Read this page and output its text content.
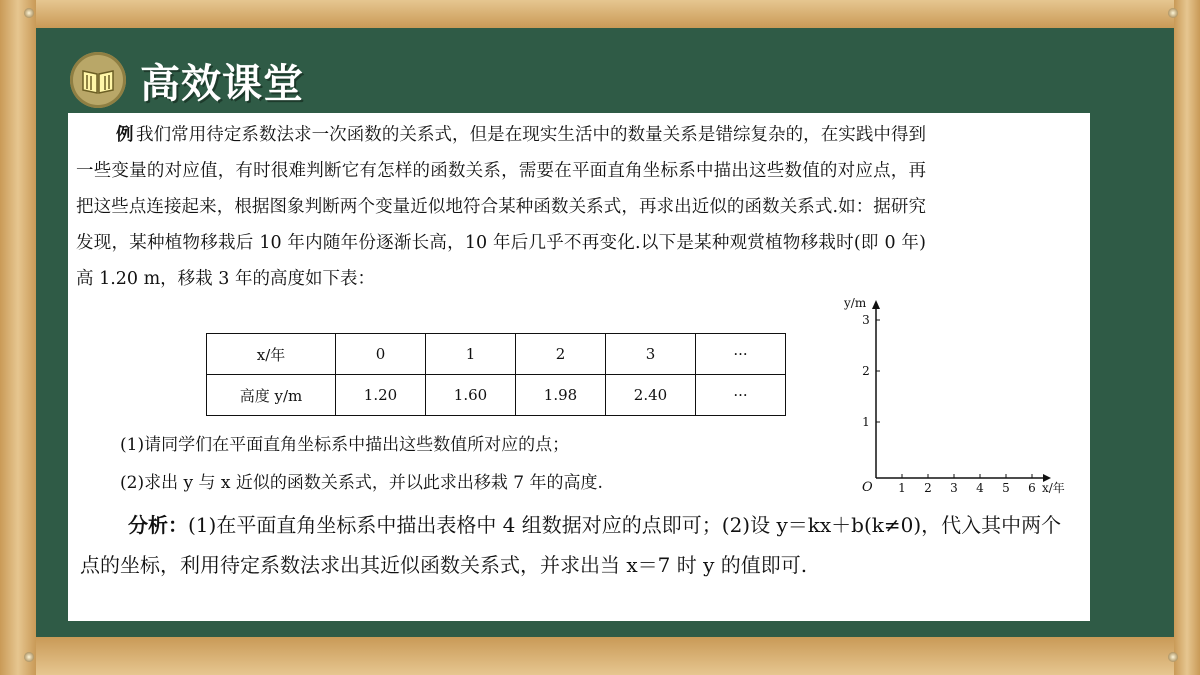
高效课堂
例 我们常用待定系数法求一次函数的关系式，但是在现实生活中的数量关系是错综复杂的，在实践中得到一些变量的对应值，有时很难判断它有怎样的函数关系，需要在平面直角坐标系中描出这些数值的对应点，再把这些点连接起来，根据图象判断两个变量近似地符合某种函数关系式，再求出近似的函数关系式.如：据研究发现，某种植物移栽后 10 年内随年份逐渐长高，10 年后几乎不再变化.以下是某种观赏植物移栽时(即 0 年)高 1.20 m，移栽 3 年的高度如下表：
x/年	0	1	2	3	···
高度 y/m	1.20	1.60	1.98	2.40	···
(1)请同学们在平面直角坐标系中描出这些数值所对应的点；
(2)求出 y 与 x 近似的函数关系式，并以此求出移栽 7 年的高度.
分析：(1)在平面直角坐标系中描出表格中 4 组数据对应的点即可；(2)设 y＝kx＋b(k≠0)，代入其中两个点的坐标，利用待定系数法求出其近似函数关系式，并求出当 x＝7 时 y 的值即可.
1 2 3 4 5 6
1
2
3
O	x/年
y/m
